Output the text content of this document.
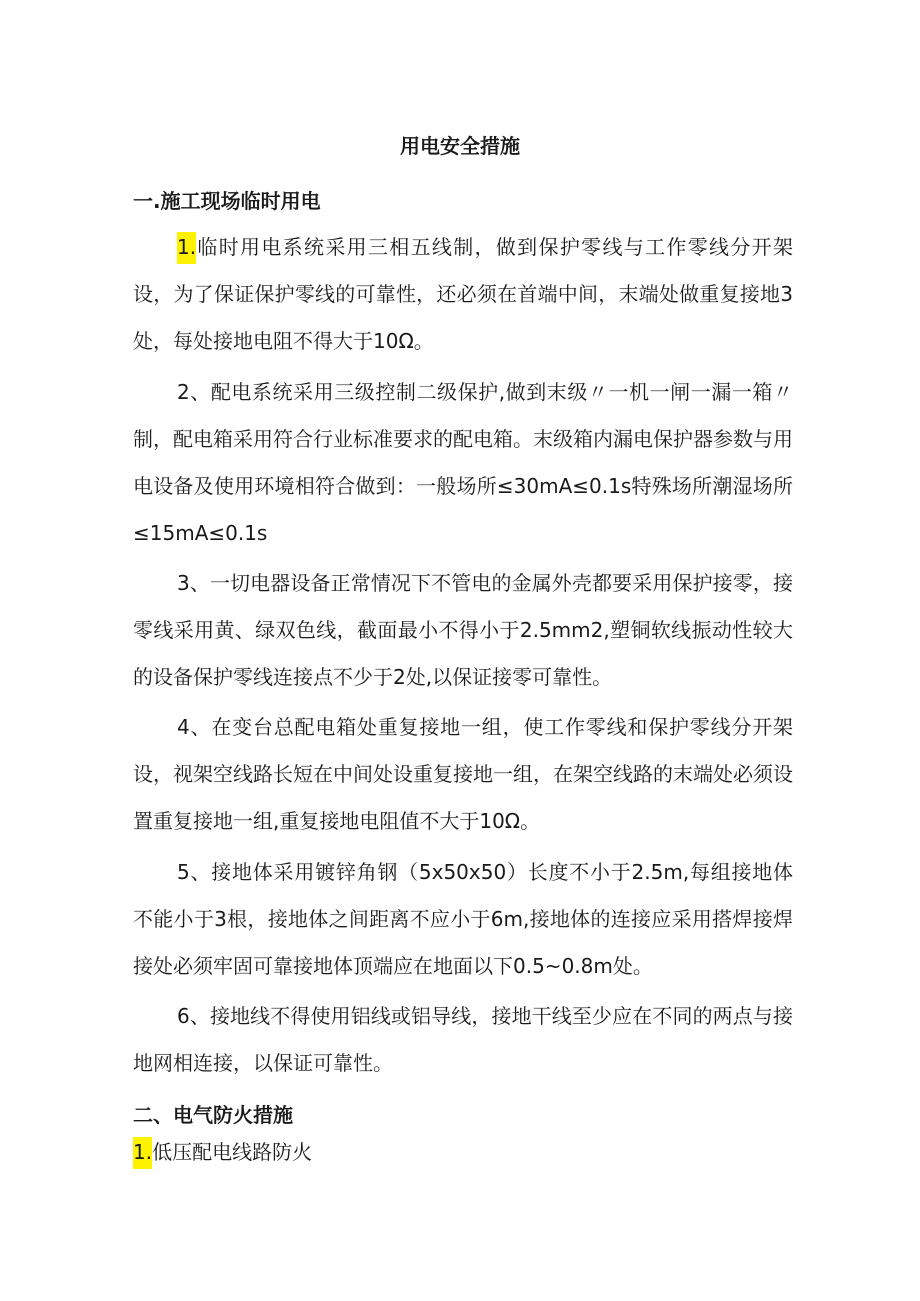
用电安全措施
一.施工现场临时用电

1.临时用电系统采用三相五线制，做到保护零线与工作零线分开架设，为了保证保护零线的可靠性，还必须在首端中间，末端处做重复接地3处，每处接地电阻不得大于10Ω。

2、配电系统采用三级控制二级保护,做到末级〃一机一闸一漏一箱〃制，配电箱采用符合行业标准要求的配电箱。末级箱内漏电保护器参数与用电设备及使用环境相符合做到：一般场所≤30mA≤0.1s特殊场所潮湿场所≤15mA≤0.1s

3、一切电器设备正常情况下不管电的金属外壳都要采用保护接零，接零线采用黄、绿双色线，截面最小不得小于2.5mm2,塑铜软线振动性较大的设备保护零线连接点不少于2处,以保证接零可靠性。

4、在变台总配电箱处重复接地一组，使工作零线和保护零线分开架设，视架空线路长短在中间处设重复接地一组，在架空线路的末端处必须设置重复接地一组,重复接地电阻值不大于10Ω。

5、接地体采用镀锌角钢（5x50x50）长度不小于2.5m,每组接地体不能小于3根，接地体之间距离不应小于6m,接地体的连接应采用搭焊接焊接处必须牢固可靠接地体顶端应在地面以下0.5~0.8m处。

6、接地线不得使用铝线或铝导线，接地干线至少应在不同的两点与接地网相连接，以保证可靠性。

二、电气防火措施

1.低压配电线路防火
